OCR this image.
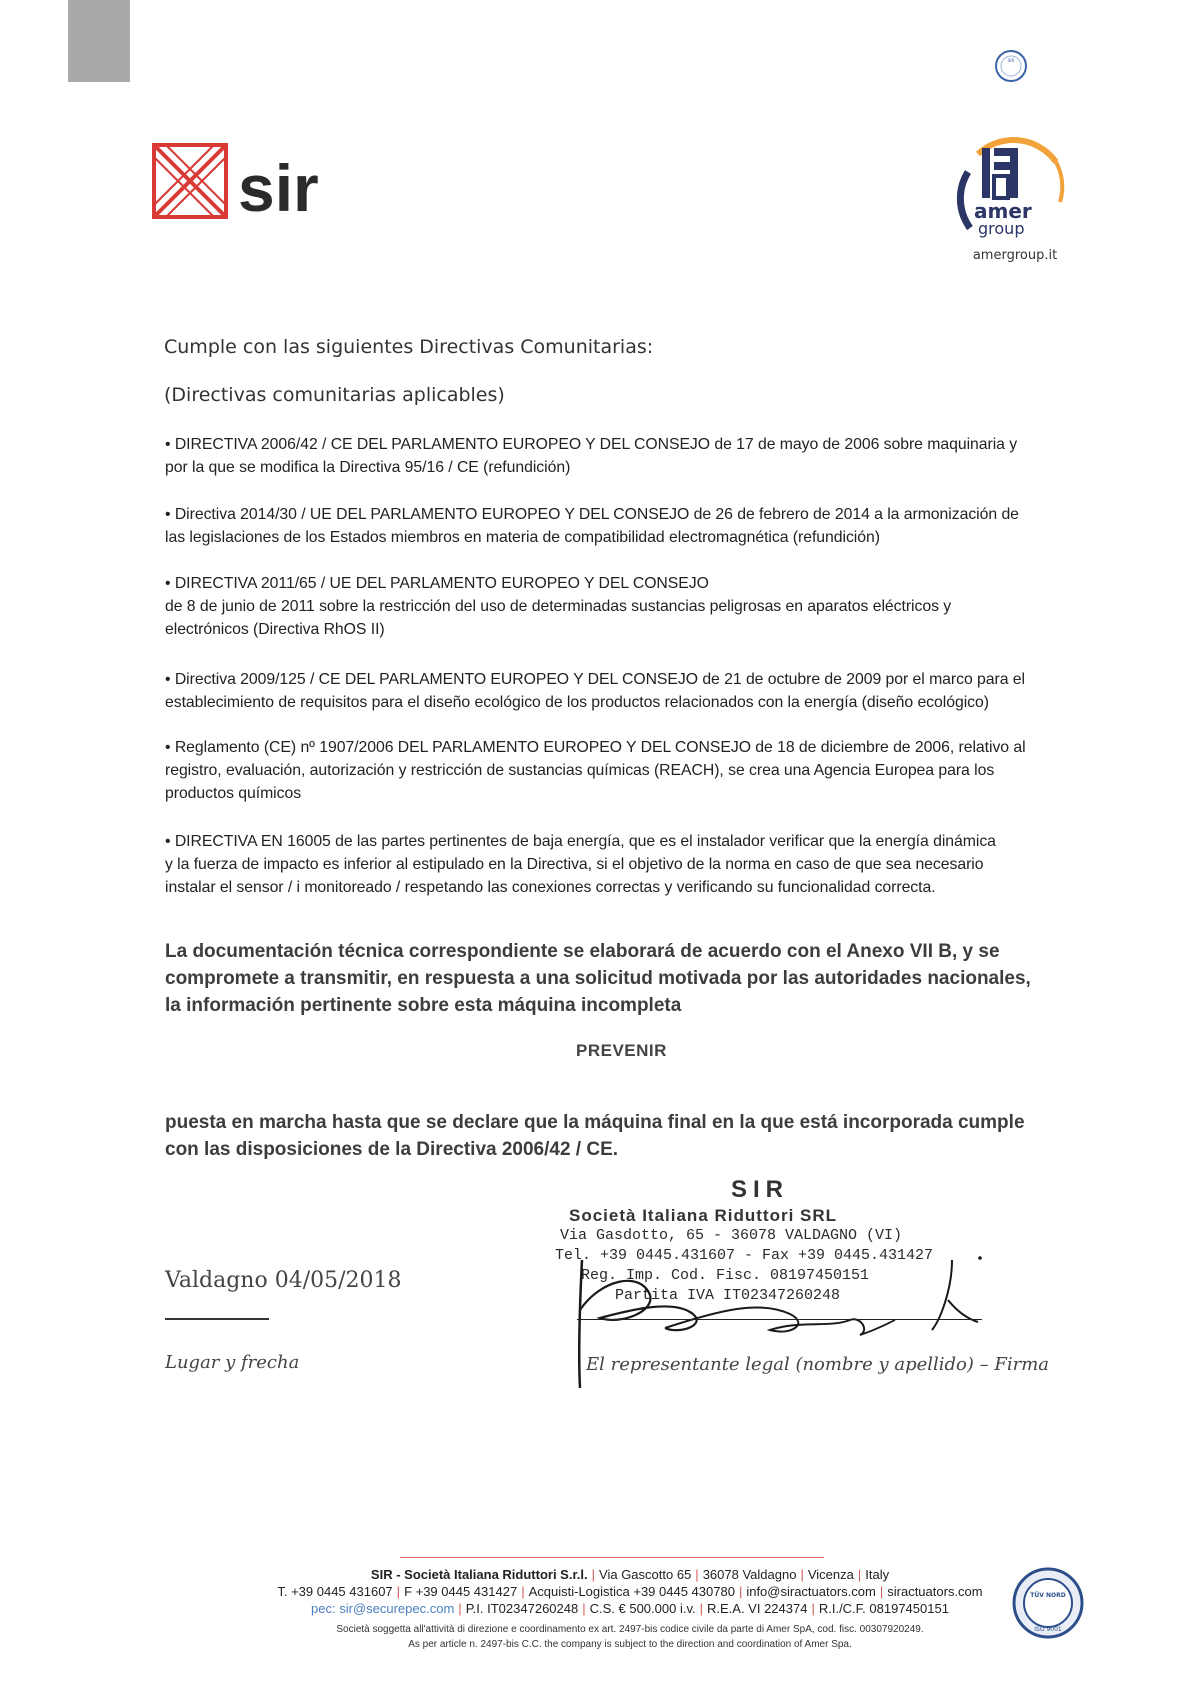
SIR
sir	amer
group
amergroup.it
Cumple con las siguientes Directivas Comunitarias:
(Directivas comunitarias aplicables)
• DIRECTIVA 2006/42 / CE DEL PARLAMENTO EUROPEO Y DEL CONSEJO de 17 de mayo de 2006 sobre maquinaria y
por la que se modifica la Directiva 95/16 / CE (refundición)
• Directiva 2014/30 / UE DEL PARLAMENTO EUROPEO Y DEL CONSEJO de 26 de febrero de 2014 a la armonización de
las legislaciones de los Estados miembros en materia de compatibilidad electromagnética (refundición)
• DIRECTIVA 2011/65 / UE DEL PARLAMENTO EUROPEO Y DEL CONSEJO
de 8 de junio de 2011 sobre la restricción del uso de determinadas sustancias peligrosas en aparatos eléctricos y
electrónicos (Directiva RhOS II)
• Directiva 2009/125 / CE DEL PARLAMENTO EUROPEO Y DEL CONSEJO de 21 de octubre de 2009 por el marco para el
establecimiento de requisitos para el diseño ecológico de los productos relacionados con la energía (diseño ecológico)
• Reglamento (CE) nº 1907/2006 DEL PARLAMENTO EUROPEO Y DEL CONSEJO de 18 de diciembre de 2006, relativo al
registro, evaluación, autorización y restricción de sustancias químicas (REACH), se crea una Agencia Europea para los
productos químicos
• DIRECTIVA EN 16005 de las partes pertinentes de baja energía, que es el instalador verificar que la energía dinámica
y la fuerza de impacto es inferior al estipulado en la Directiva, si el objetivo de la norma en caso de que sea necesario
instalar el sensor / i monitoreado / respetando las conexiones correctas y verificando su funcionalidad correcta.
La documentación técnica correspondiente se elaborará de acuerdo con el Anexo VII B, y se
compromete a transmitir, en respuesta a una solicitud motivada por las autoridades nacionales,
la información pertinente sobre esta máquina incompleta
PREVENIR
puesta en marcha hasta que se declare que la máquina final en la que está incorporada cumple
con las disposiciones de la Directiva 2006/42 / CE.
SIR
Società Italiana Riduttori SRL
Via Gasdotto, 65 - 36078 VALDAGNO (VI)
Tel. +39 0445.431607 - Fax +39 0445.431427
Reg. Imp. Cod. Fisc. 08197450151
Partita IVA IT02347260248
Valdagno 04/05/2018
Lugar y frecha	El representante legal (nombre y apellido) – Firma
SIR - Società Italiana Riduttori S.r.l. | Via Gascotto 65 | 36078 Valdagno | Vicenza | Italy
T. +39 0445 431607 | F +39 0445 431427 | Acquisti-Logistica +39 0445 430780 | info@siractuators.com | siractuators.com
pec: sir@securepec.com | P.I. IT02347260248 | C.S. € 500.000 i.v. | R.E.A. VI 224374 | R.I./C.F. 08197450151
Società soggetta all'attività di direzione e coordinamento ex art. 2497-bis codice civile da parte di Amer SpA, cod. fisc. 00307920249.
As per article n. 2497-bis C.C. the company is subject to the direction and coordination of Amer Spa.
TÜV NORD
ISO 9001
